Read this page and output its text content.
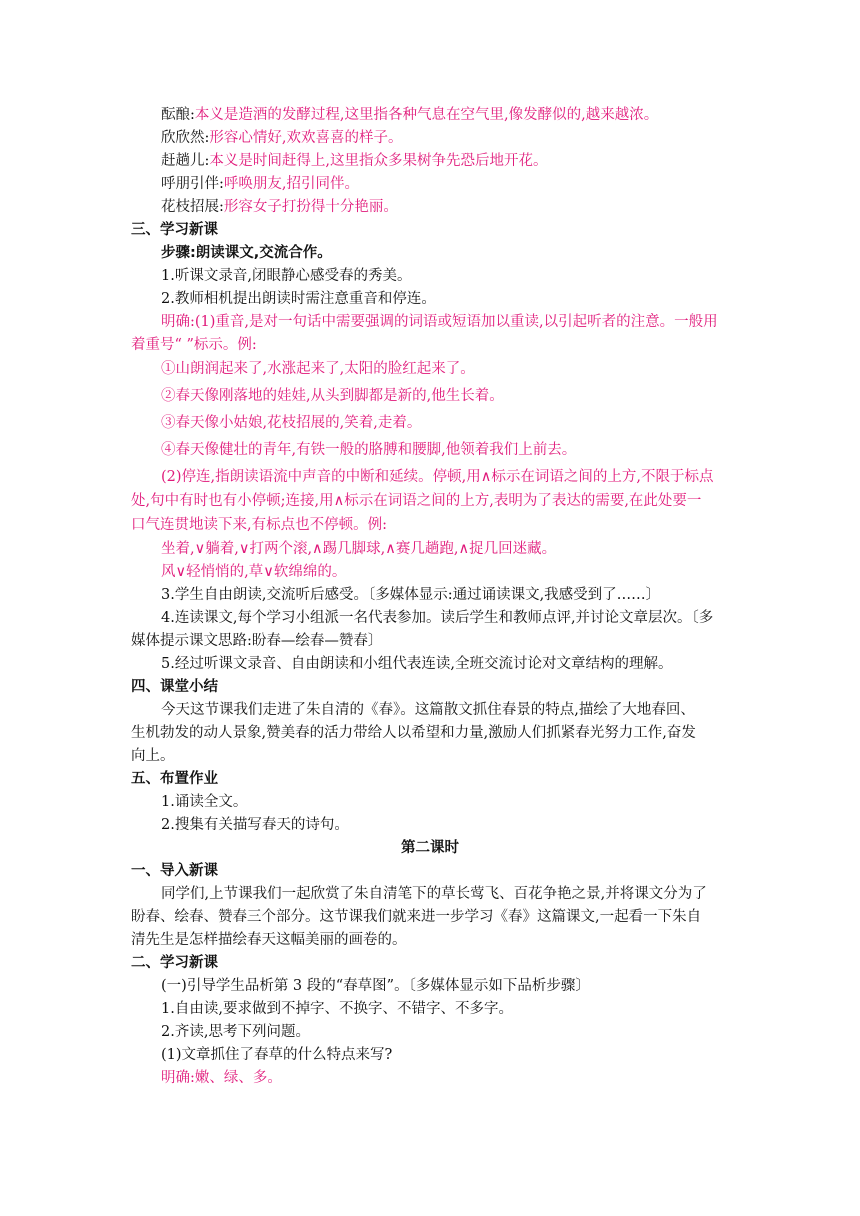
酝酿:本义是造酒的发酵过程,这里指各种气息在空气里,像发酵似的,越来越浓。
欣欣然:形容心情好,欢欢喜喜的样子。
赶趟儿:本义是时间赶得上,这里指众多果树争先恐后地开花。
呼朋引伴:呼唤朋友,招引同伴。
花枝招展:形容女子打扮得十分艳丽。
三、学习新课
步骤:朗读课文,交流合作。
1.听课文录音,闭眼静心感受春的秀美。
2.教师相机提出朗读时需注意重音和停连。
明确:(1)重音,是对一句话中需要强调的词语或短语加以重读,以引起听者的注意。一般用
着重号“ ”标示。例:
①山朗润起来了,水涨起来了,太阳的脸红起来了。
②春天像刚落地的娃娃,从头到脚都是新的,他生长着。
③春天像小姑娘,花枝招展的,笑着,走着。
④春天像健壮的青年,有铁一般的胳膊和腰脚,他领着我们上前去。
(2)停连,指朗读语流中声音的中断和延续。停顿,用∧标示在词语之间的上方,不限于标点
处,句中有时也有小停顿;连接,用∧标示在词语之间的上方,表明为了表达的需要,在此处要一
口气连贯地读下来,有标点也不停顿。例:
坐着,∨躺着,∨打两个滚,∧踢几脚球,∧赛几趟跑,∧捉几回迷藏。
风∨轻悄悄的,草∨软绵绵的。
3.学生自由朗读,交流听后感受。〔多媒体显示:通过诵读课文,我感受到了……〕
4.连读课文,每个学习小组派一名代表参加。读后学生和教师点评,并讨论文章层次。〔多
媒体提示课文思路:盼春—绘春—赞春〕
5.经过听课文录音、自由朗读和小组代表连读,全班交流讨论对文章结构的理解。
四、课堂小结
今天这节课我们走进了朱自清的《春》。这篇散文抓住春景的特点,描绘了大地春回、
生机勃发的动人景象,赞美春的活力带给人以希望和力量,激励人们抓紧春光努力工作,奋发
向上。
五、布置作业
1.诵读全文。
2.搜集有关描写春天的诗句。
第二课时
一、导入新课
同学们,上节课我们一起欣赏了朱自清笔下的草长莺飞、百花争艳之景,并将课文分为了
盼春、绘春、赞春三个部分。这节课我们就来进一步学习《春》这篇课文,一起看一下朱自
清先生是怎样描绘春天这幅美丽的画卷的。
二、学习新课
(一)引导学生品析第 3 段的“春草图”。〔多媒体显示如下品析步骤〕
1.自由读,要求做到不掉字、不换字、不错字、不多字。
2.齐读,思考下列问题。
(1)文章抓住了春草的什么特点来写?
明确:嫩、绿、多。
